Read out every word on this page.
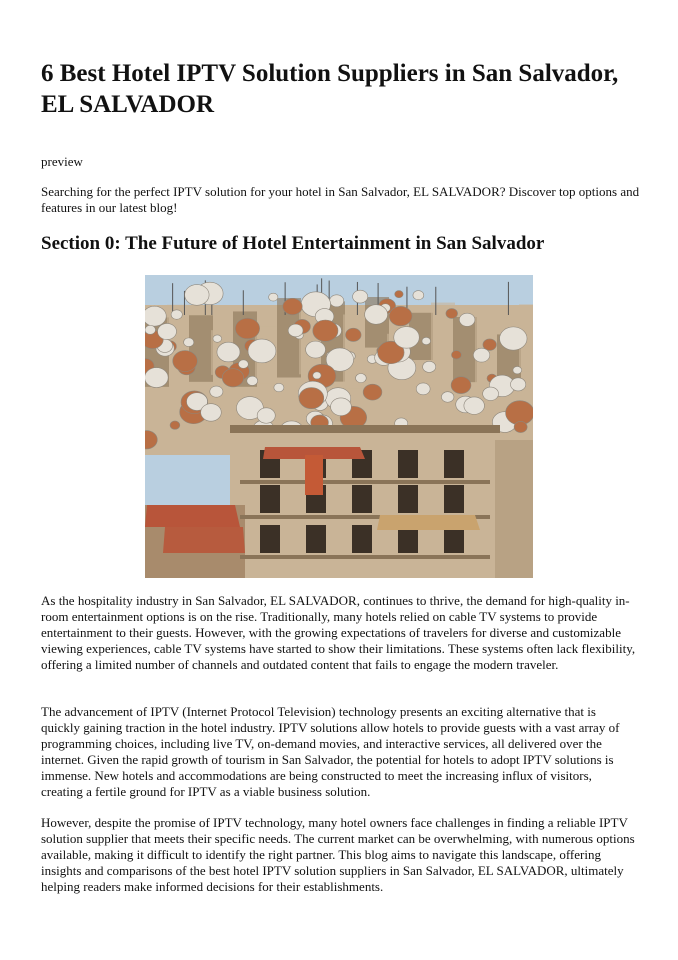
6 Best Hotel IPTV Solution Suppliers in San Salvador, EL SALVADOR

preview

Searching for the perfect IPTV solution for your hotel in San Salvador, EL SALVADOR? Discover top options and features in our latest blog!

Section 0: The Future of Hotel Entertainment in San Salvador

As the hospitality industry in San Salvador, EL SALVADOR, continues to thrive, the demand for high-quality in-room entertainment options is on the rise. Traditionally, many hotels relied on cable TV systems to provide entertainment to their guests. However, with the growing expectations of travelers for diverse and customizable viewing experiences, cable TV systems have started to show their limitations. These systems often lack flexibility, offering a limited number of channels and outdated content that fails to engage the modern traveler.

The advancement of IPTV (Internet Protocol Television) technology presents an exciting alternative that is quickly gaining traction in the hotel industry. IPTV solutions allow hotels to provide guests with a vast array of programming choices, including live TV, on-demand movies, and interactive services, all delivered over the internet. Given the rapid growth of tourism in San Salvador, the potential for hotels to adopt IPTV solutions is immense. New hotels and accommodations are being constructed to meet the increasing influx of visitors, creating a fertile ground for IPTV as a viable business solution.

However, despite the promise of IPTV technology, many hotel owners face challenges in finding a reliable IPTV solution supplier that meets their specific needs. The current market can be overwhelming, with numerous options available, making it difficult to identify the right partner. This blog aims to navigate this landscape, offering insights and comparisons of the best hotel IPTV solution suppliers in San Salvador, EL SALVADOR, ultimately helping readers make informed decisions for their establishments.
